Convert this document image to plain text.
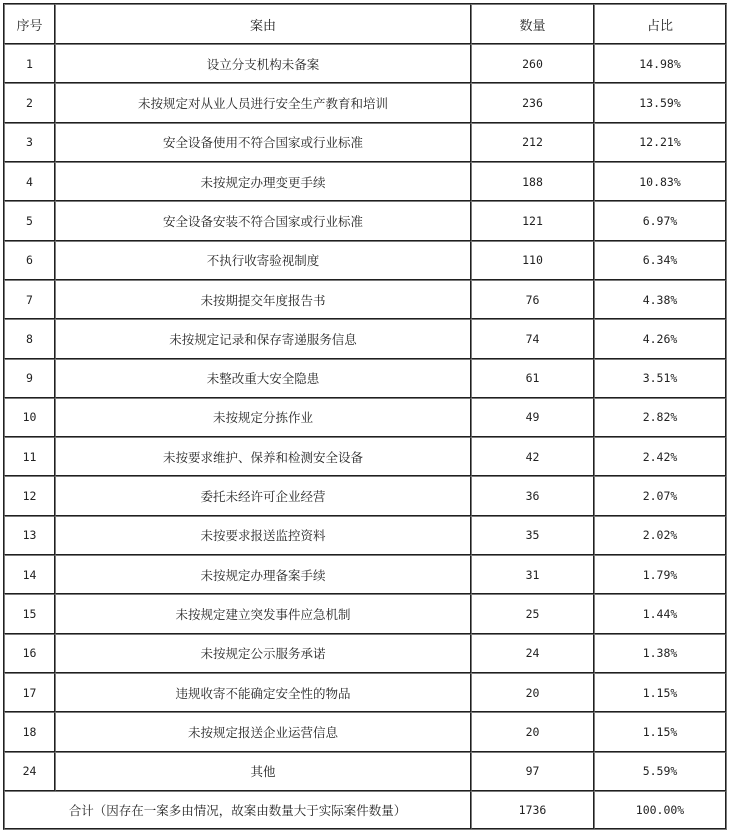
序号	案由	数量	占比
1	设立分支机构未备案	260	14.98%
2	未按规定对从业人员进行安全生产教育和培训	236	13.59%
3	安全设备使用不符合国家或行业标准	212	12.21%
4	未按规定办理变更手续	188	10.83%
5	安全设备安装不符合国家或行业标准	121	6.97%
6	不执行收寄验视制度	110	6.34%
7	未按期提交年度报告书	76	4.38%
8	未按规定记录和保存寄递服务信息	74	4.26%
9	未整改重大安全隐患	61	3.51%
10	未按规定分拣作业	49	2.82%
11	未按要求维护、保养和检测安全设备	42	2.42%
12	委托未经许可企业经营	36	2.07%
13	未按要求报送监控资料	35	2.02%
14	未按规定办理备案手续	31	1.79%
15	未按规定建立突发事件应急机制	25	1.44%
16	未按规定公示服务承诺	24	1.38%
17	违规收寄不能确定安全性的物品	20	1.15%
18	未按规定报送企业运营信息	20	1.15%
24	其他	97	5.59%
合计（因存在一案多由情况，故案由数量大于实际案件数量）		1736	100.00%
